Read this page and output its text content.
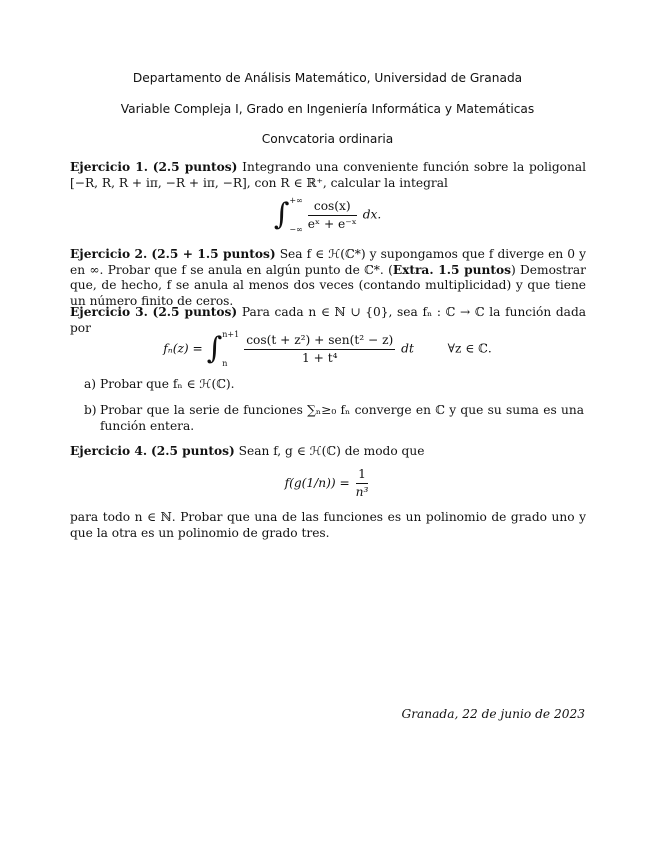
Departamento de Análisis Matemático, Universidad de Granada
Variable Compleja I, Grado en Ingeniería Informática y Matemáticas
Convcatoria ordinaria
Ejercicio 1. (2.5 puntos) Integrando una conveniente función sobre la poligonal [−R, R, R + iπ, −R + iπ, −R], con R ∈ ℝ⁺, calcular la integral
∫ +∞
−∞ $\frac{\cos(x)}{\text{eˣ + e⁻ˣ}}$ dx.
Ejercicio 2. (2.5 + 1.5 puntos) Sea f ∈ ℋ(ℂ*) y supongamos que f diverge en 0 y en ∞. Probar que f se anula en algún punto de ℂ*. (Extra. 1.5 puntos) Demostrar que, de hecho, f se anula al menos dos veces (contando multiplicidad) y que tiene un número finito de ceros.
Ejercicio 3. (2.5 puntos) Para cada n ∈ ℕ ∪ {0}, sea fₙ : ℂ → ℂ la función dada por
fₙ(z) = ∫ n+1
n	$\frac{\text{cos(t + z²) + sen(t² − z)}}{\text{1 + t⁴}}$ dt	∀z ∈ ℂ.
a) Probar que fₙ ∈ ℋ(ℂ).
b) Probar que la serie de funciones ∑ₙ≥₀ fₙ converge en ℂ y que su suma es una función entera.
Ejercicio 4. (2.5 puntos) Sean f, g ∈ ℋ(ℂ) de modo que
$f(g(1/n)) = \frac{1}{\text{n³}}$
para todo n ∈ ℕ. Probar que una de las funciones es un polinomio de grado uno y que la otra es un polinomio de grado tres.
Granada, 22 de junio de 2023
